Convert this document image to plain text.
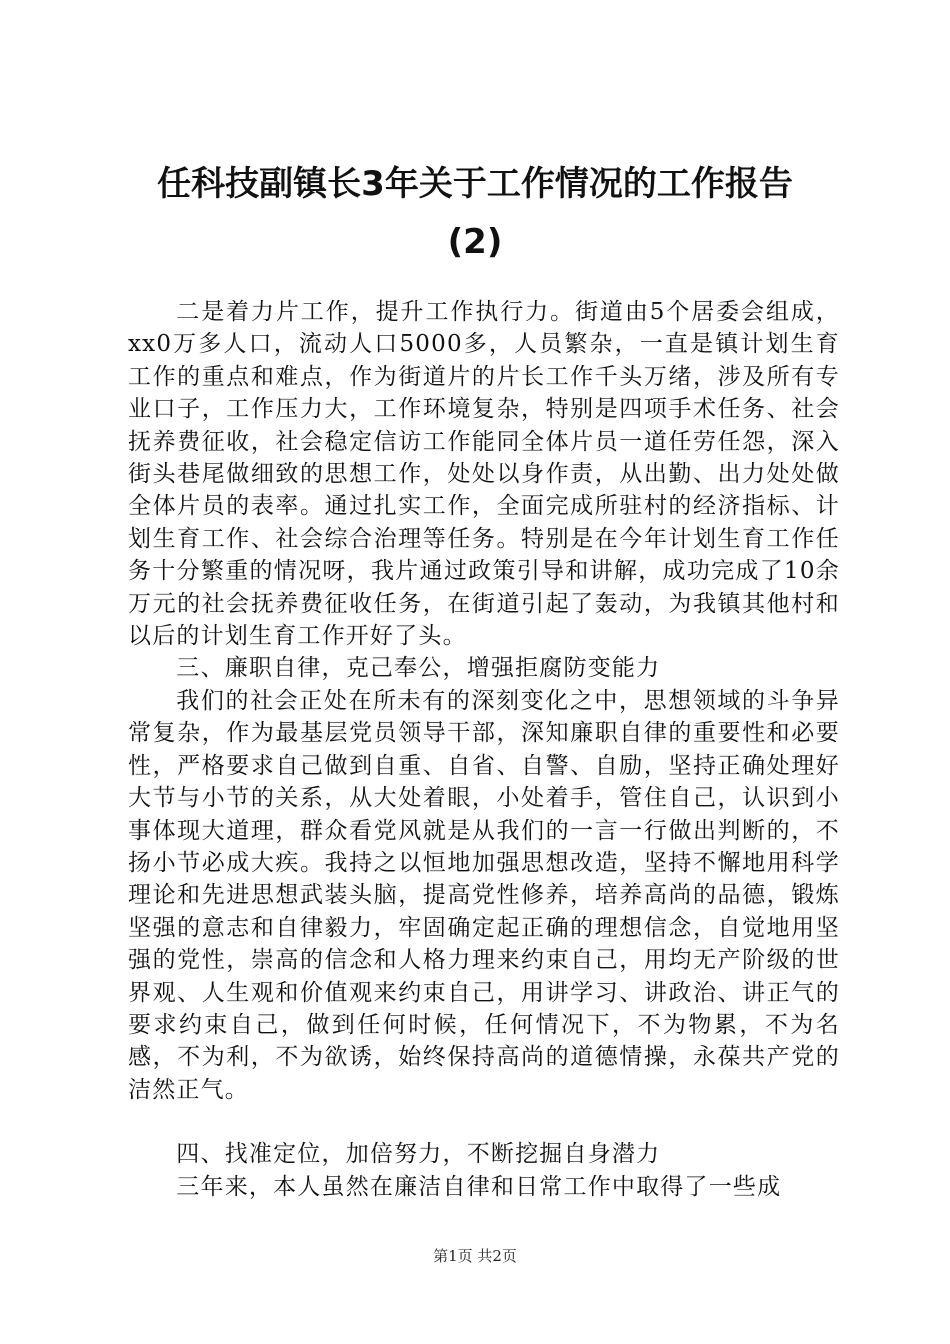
任科技副镇长3年关于工作情况的工作报告
(2)

二是着力片工作，提升工作执行力。街道由5个居委会组成，xx0万多人口，流动人口5000多，人员繁杂，一直是镇计划生育工作的重点和难点，作为街道片的片长工作千头万绪，涉及所有专业口子，工作压力大，工作环境复杂，特别是四项手术任务、社会抚养费征收，社会稳定信访工作能同全体片员一道任劳任怨，深入街头巷尾做细致的思想工作，处处以身作责，从出勤、出力处处做全体片员的表率。通过扎实工作，全面完成所驻村的经济指标、计划生育工作、社会综合治理等任务。特别是在今年计划生育工作任务十分繁重的情况呀，我片通过政策引导和讲解，成功完成了10余万元的社会抚养费征收任务，在街道引起了轰动，为我镇其他村和以后的计划生育工作开好了头。

三、廉职自律，克己奉公，增强拒腐防变能力

我们的社会正处在所未有的深刻变化之中，思想领域的斗争异常复杂，作为最基层党员领导干部，深知廉职自律的重要性和必要性，严格要求自己做到自重、自省、自警、自励，坚持正确处理好大节与小节的关系，从大处着眼，小处着手，管住自己，认识到小事体现大道理，群众看党风就是从我们的一言一行做出判断的，不扬小节必成大疾。我持之以恒地加强思想改造，坚持不懈地用科学理论和先进思想武装头脑，提高党性修养，培养高尚的品德，锻炼坚强的意志和自律毅力，牢固确定起正确的理想信念，自觉地用坚强的党性，崇高的信念和人格力理来约束自己，用均无产阶级的世界观、人生观和价值观来约束自己，用讲学习、讲政治、讲正气的要求约束自己，做到任何时候，任何情况下，不为物累，不为名感，不为利，不为欲诱，始终保持高尚的道德情操，永葆共产党的洁然正气。

四、找准定位，加倍努力，不断挖掘自身潜力

三年来，本人虽然在廉洁自律和日常工作中取得了一些成

第1页 共2页
